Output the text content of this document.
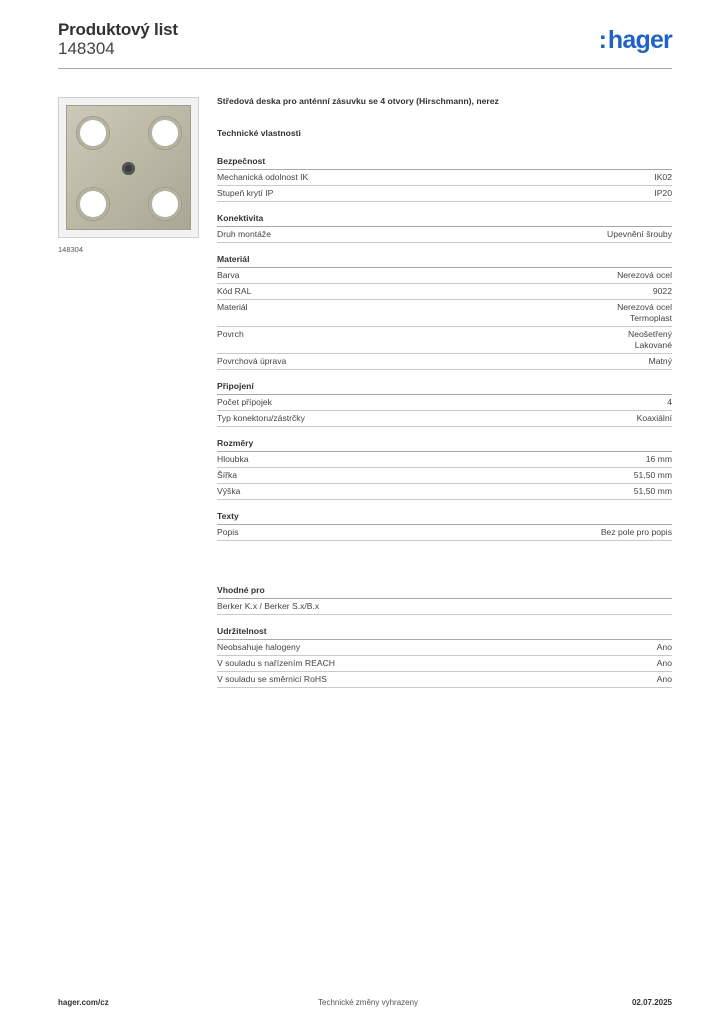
Produktový list
148304	:hager
148304
Středová deska pro anténní zásuvku se 4 otvory (Hirschmann), nerez
Technické vlastnosti
Bezpečnost
Mechanická odolnost IK	IK02
Stupeň krytí IP	IP20
Konektivita
Druh montáže	Upevnění šrouby
Materiál
Barva	Nerezová ocel
Kód RAL	9022
Materiál	Nerezová ocel
Termoplast
Povrch	Neošetřený
Lakované
Povrchová úprava	Matný
Připojení
Počet přípojek	4
Typ konektoru/zástrčky	Koaxiální
Rozměry
Hloubka	16 mm
Šířka	51,50 mm
Výška	51,50 mm
Texty
Popis	Bez pole pro popis
Vhodné pro
Berker K.x / Berker S.x/B.x
Udržitelnost
Neobsahuje halogeny	Ano
V souladu s nařízením REACH	Ano
V souladu se směrnicí RoHS	Ano
hager.com/cz	Technické změny vyhrazeny	02.07.2025
